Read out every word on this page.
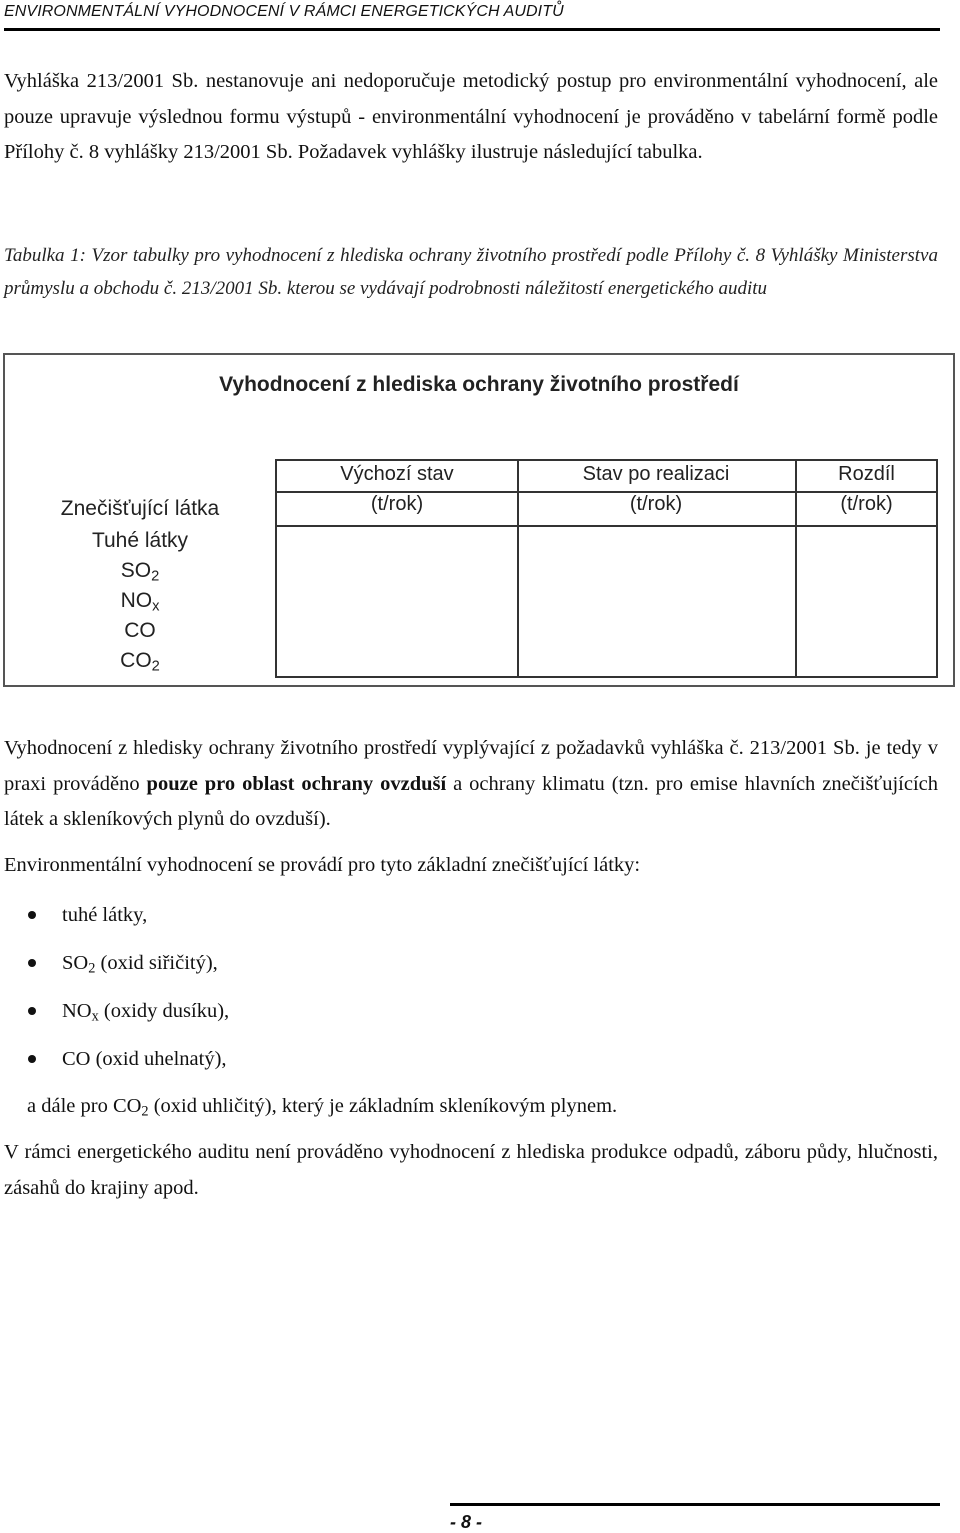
ENVIRONMENTÁLNÍ VYHODNOCENÍ V RÁMCI ENERGETICKÝCH AUDITŮ

Vyhláška 213/2001 Sb. nestanovuje ani nedoporučuje metodický postup pro environmentální vyhodnocení, ale pouze upravuje výslednou formu výstupů - environmentální vyhodnocení je prováděno v tabelární formě podle Přílohy č. 8 vyhlášky 213/2001 Sb. Požadavek vyhlášky ilustruje následující tabulka.

Tabulka 1: Vzor tabulky pro vyhodnocení z hlediska ochrany životního prostředí podle Přílohy č. 8 Vyhlášky Ministerstva průmyslu a obchodu č. 213/2001 Sb. kterou se vydávají podrobnosti náležitostí energetického auditu

Vyhodnocení z hlediska ochrany životního prostředí
Výchozí stav
(t/rok)
Stav po realizaci
(t/rok)
Rozdíl
(t/rok)
Znečišťující látka
Tuhé látky
$SO_2$
$NO_x$
CO
$CO_2$

Vyhodnocení z hledisky ochrany životního prostředí vyplývající z požadavků vyhláška č. 213/2001 Sb. je tedy v praxi prováděno pouze pro oblast ochrany ovzduší a ochrany klimatu (tzn. pro emise hlavních znečišťujících látek a skleníkových plynů do ovzduší).

Environmentální vyhodnocení se provádí pro tyto základní znečišťující látky:

tuhé látky,
$SO_2$ (oxid siřičitý),
$NO_x$ (oxidy dusíku),
CO (oxid uhelnatý),

a dále pro $CO_2$ (oxid uhličitý), který je základním skleníkovým plynem.

V rámci energetického auditu není prováděno vyhodnocení z hlediska produkce odpadů, záboru půdy, hlučnosti, zásahů do krajiny apod.

- 8 -
